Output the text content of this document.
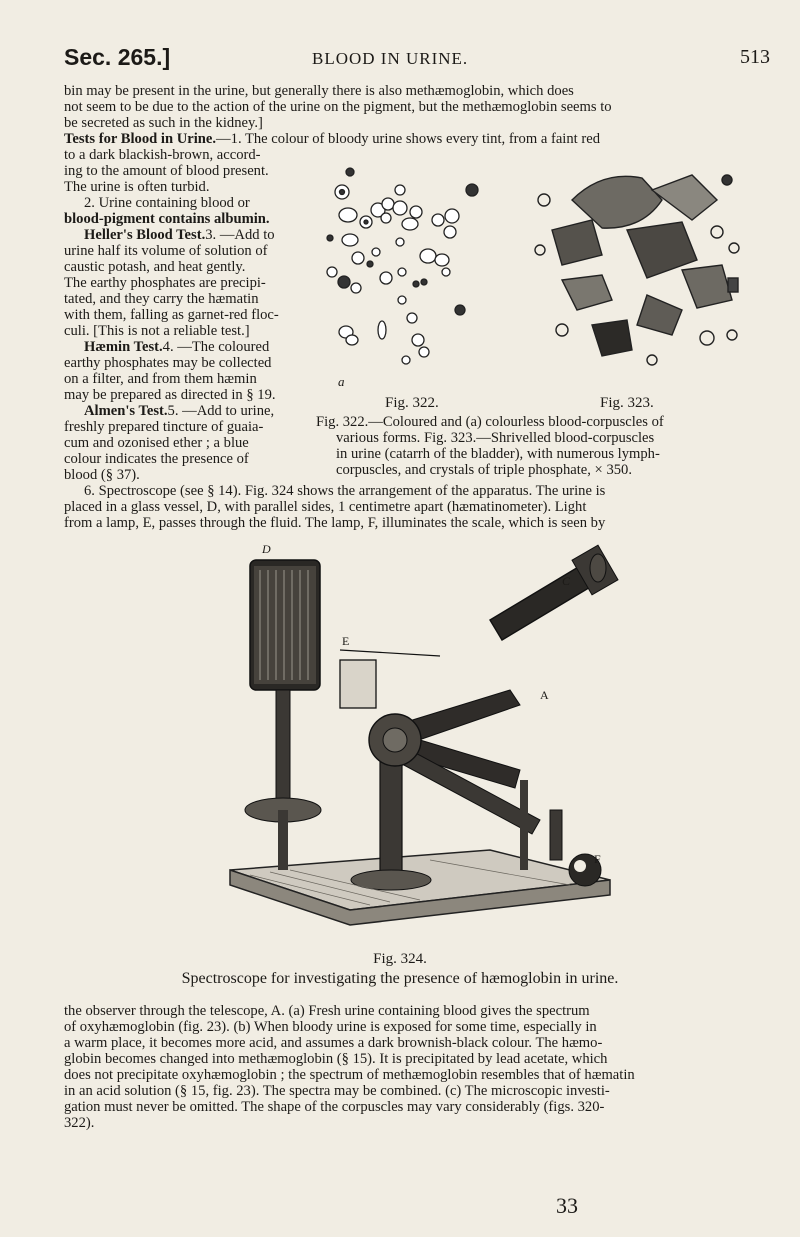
Sec. 265.]	BLOOD IN URINE.	513
bin may be present in the urine, but generally there is also methæmoglobin, which does
not seem to be due to the action of the urine on the pigment, but the methæmoglobin seems to
be secreted as such in the kidney.]
Tests for Blood in Urine.—1. The colour of bloody urine shows every tint, from a faint red
to a dark blackish-brown, accord-
ing to the amount of blood present.
The urine is often turbid.
2. Urine containing blood or
blood-pigment contains albumin.
Heller's Blood Test.3. —Add to
urine half its volume of solution of
caustic potash, and heat gently.
The earthy phosphates are precipi-
tated, and they carry the hæmatin
with them, falling as garnet-red floc-
culi. [This is not a reliable test.]
Hæmin Test.4. —The coloured
earthy phosphates may be collected
on a filter, and from them hæmin
may be prepared as directed in § 19.
Almen's Test.5. —Add to urine,
freshly prepared tincture of guaia-
cum and ozonised ether ; a blue
colour indicates the presence of
blood (§ 37).
a
Fig. 322.	Fig. 323.
Fig. 322.—Coloured and (a) colourless blood-corpuscles of
various forms. Fig. 323.—Shrivelled blood-corpuscles
in urine (catarrh of the bladder), with numerous lymph-
corpuscles, and crystals of triple phosphate, × 350.
6. Spectroscope (see § 14). Fig. 324 shows the arrangement of the apparatus. The urine is
placed in a glass vessel, D, with parallel sides, 1 centimetre apart (hæmatinometer). Light
from a lamp, E, passes through the fluid. The lamp, F, illuminates the scale, which is seen by
D
E
C
A
F
Fig. 324.
Spectroscope for investigating the presence of hæmoglobin in urine.
the observer through the telescope, A. (a) Fresh urine containing blood gives the spectrum
of oxyhæmoglobin (fig. 23). (b) When bloody urine is exposed for some time, especially in
a warm place, it becomes more acid, and assumes a dark brownish-black colour. The hæmo-
globin becomes changed into methæmoglobin (§ 15). It is precipitated by lead acetate, which
does not precipitate oxyhæmoglobin ; the spectrum of methæmoglobin resembles that of hæmatin
in an acid solution (§ 15, fig. 23). The spectra may be combined. (c) The microscopic investi-
gation must never be omitted. The shape of the corpuscles may vary considerably (figs. 320-
322).
33
